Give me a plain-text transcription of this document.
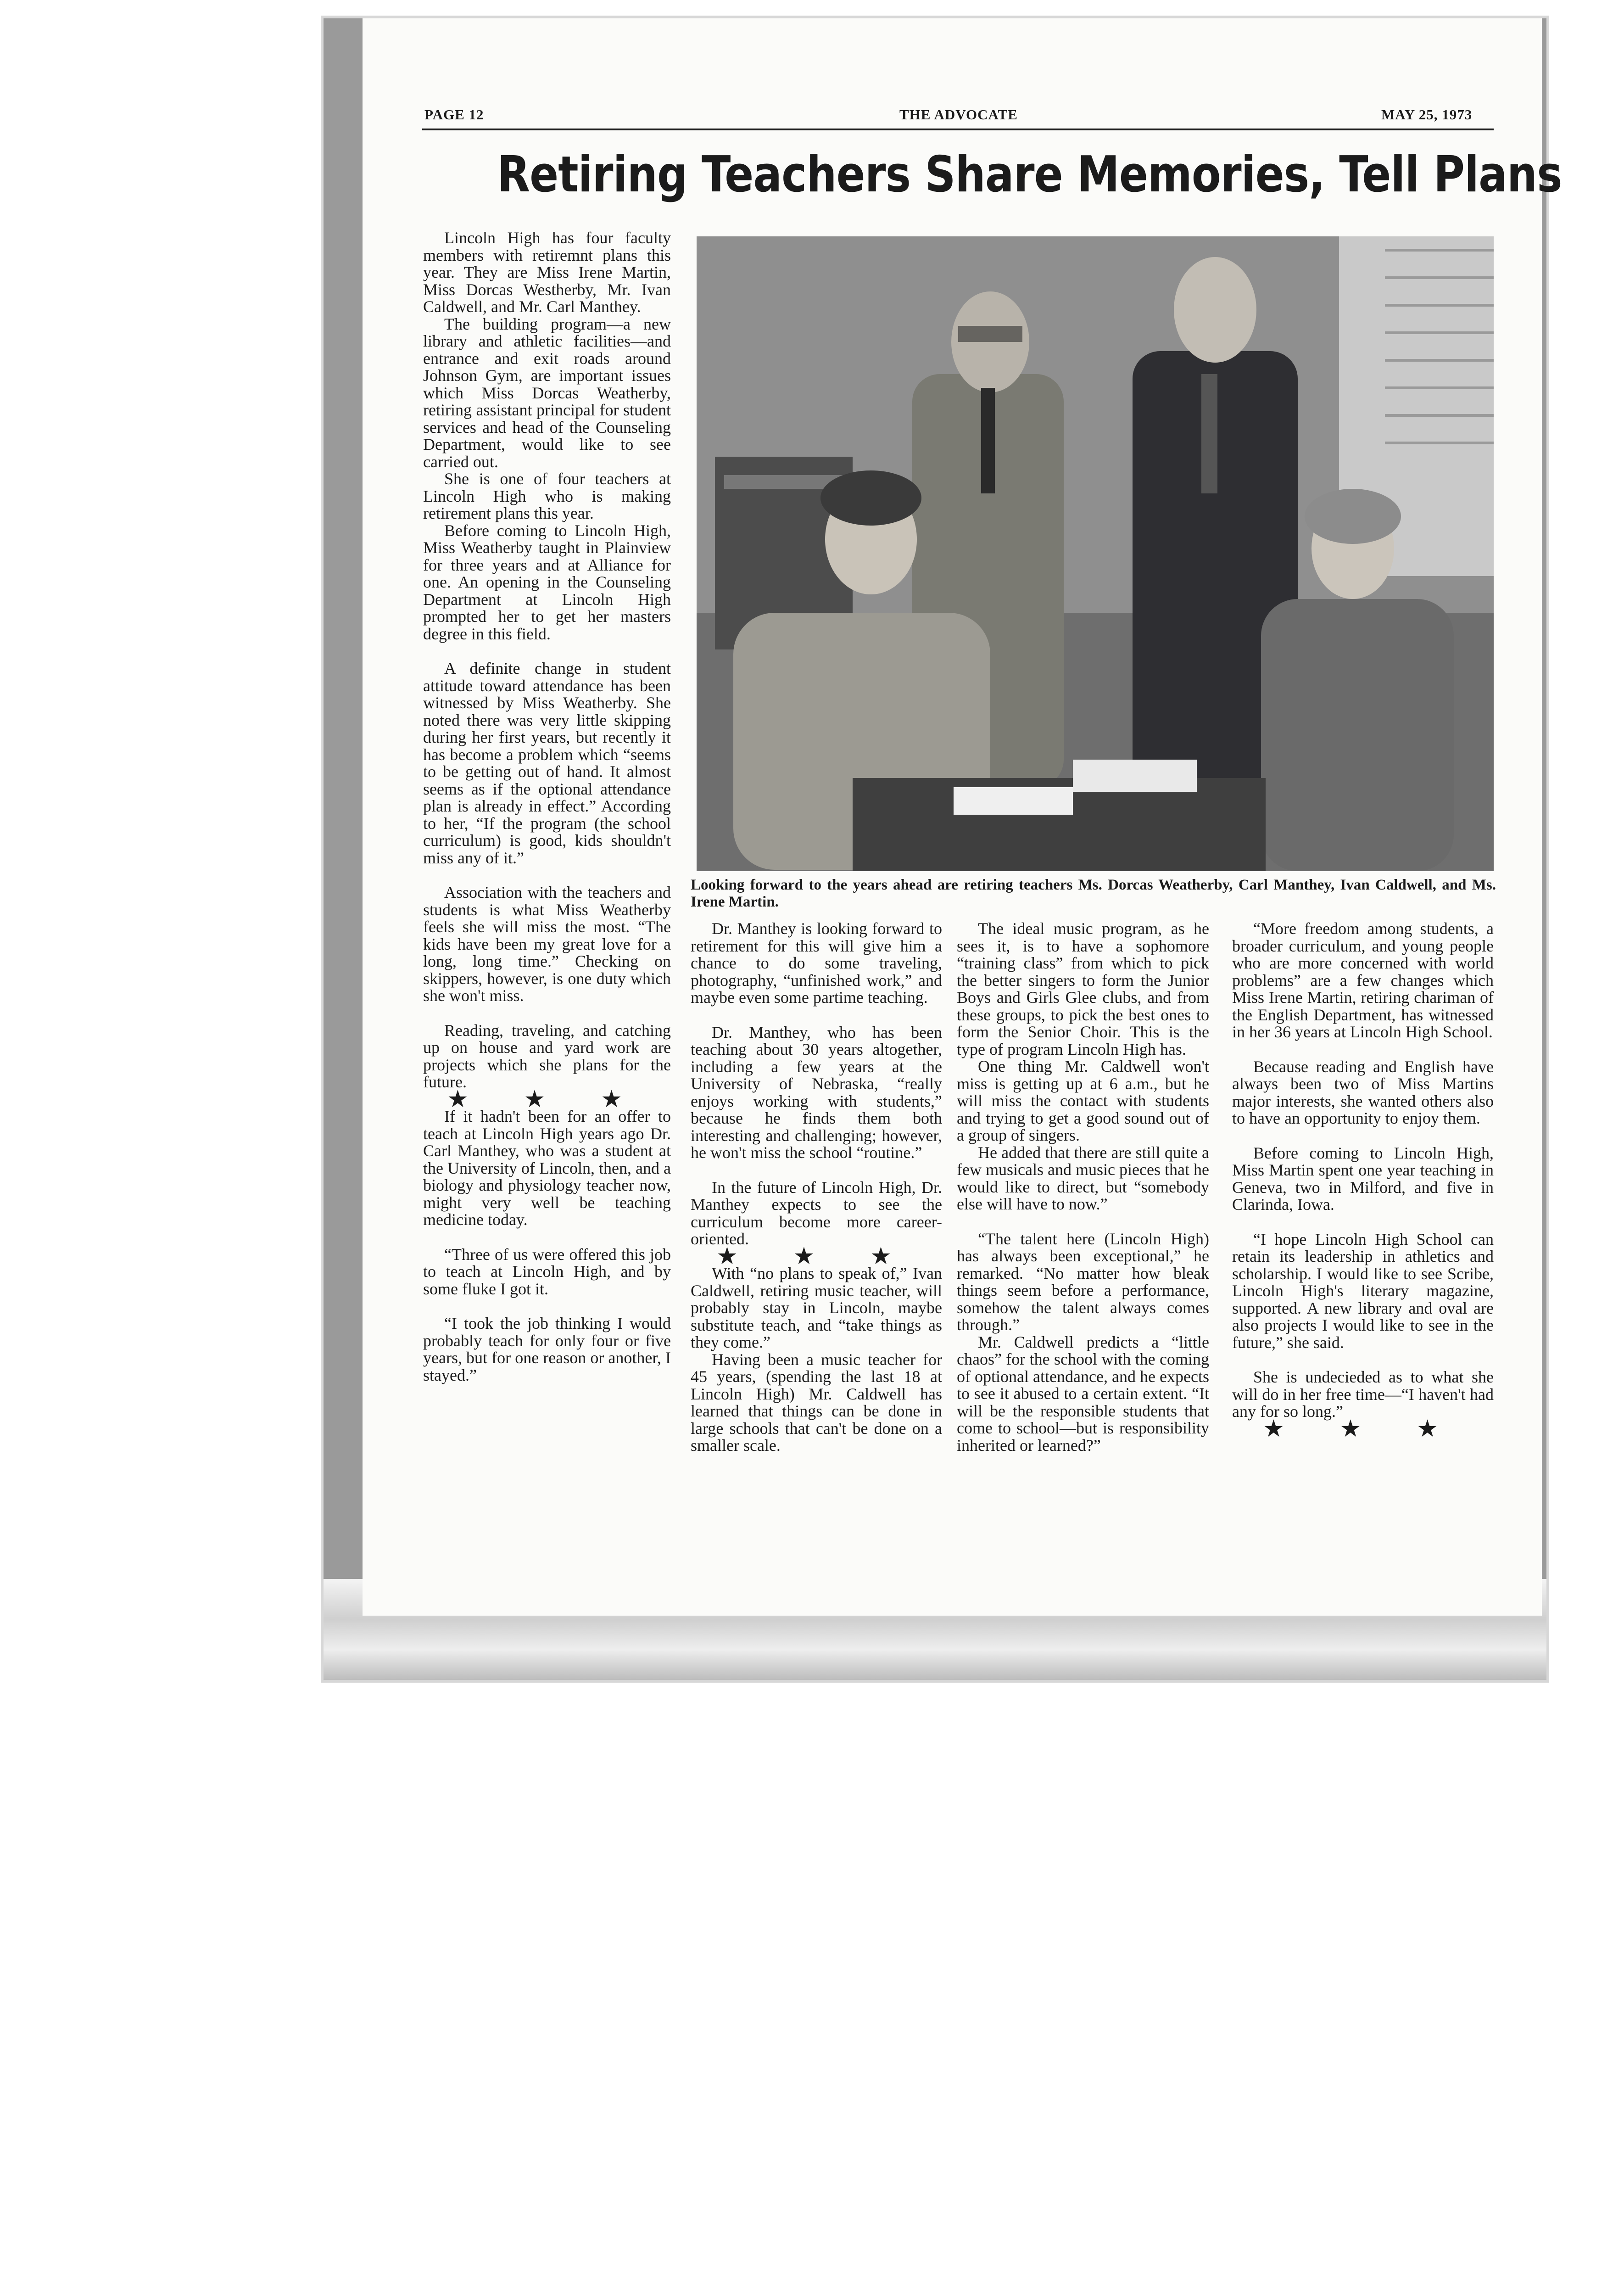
PAGE 12	THE ADVOCATE	MAY 25, 1973
Retiring Teachers Share Memories, Tell Plans
Looking forward to the years ahead are retiring teachers Ms. Dorcas Weatherby, Carl Manthey, Ivan Caldwell, and Ms. Irene Martin.

Lincoln High has four faculty members with retiremnt plans this year. They are Miss Irene Martin, Miss Dorcas Westherby, Mr. Ivan Caldwell, and Mr. Carl Manthey.

The building program—a new library and athletic facilities—and entrance and exit roads around Johnson Gym, are important issues which Miss Dorcas Weatherby, retiring assistant principal for student services and head of the Counseling Department, would like to see carried out.

She is one of four teachers at Lincoln High who is making retirement plans this year.

Before coming to Lincoln High, Miss Weatherby taught in Plainview for three years and at Alliance for one. An opening in the Counseling Department at Lincoln High prompted her to get her masters degree in this field.

A definite change in student attitude toward attendance has been witnessed by Miss Weatherby. She noted there was very little skipping during her first years, but recently it has become a problem which “seems to be getting out of hand. It almost seems as if the optional attendance plan is already in effect.” According to her, “If the program (the school curriculum) is good, kids shouldn't miss any of it.”

Association with the teachers and students is what Miss Weatherby feels she will miss the most. “The kids have been my great love for a long, long time.” Checking on skippers, however, is one duty which she won't miss.

Reading, traveling, and catching up on house and yard work are projects which she plans for the future.

★ ★ ★

If it hadn't been for an offer to teach at Lincoln High years ago Dr. Carl Manthey, who was a student at the University of Lincoln, then, and a biology and physiology teacher now, might very well be teaching medicine today.

“Three of us were offered this job to teach at Lincoln High, and by some fluke I got it.

“I took the job thinking I would probably teach for only four or five years, but for one reason or another, I stayed.”

Dr. Manthey is looking forward to retirement for this will give him a chance to do some traveling, photography, “unfinished work,” and maybe even some partime teaching.

Dr. Manthey, who has been teaching about 30 years altogether, including a few years at the University of Nebraska, “really enjoys working with students,” because he finds them both interesting and challenging; however, he won't miss the school “routine.”

In the future of Lincoln High, Dr. Manthey expects to see the curriculum become more career-oriented.

★ ★ ★

With “no plans to speak of,” Ivan Caldwell, retiring music teacher, will probably stay in Lincoln, maybe substitute teach, and “take things as they come.”

Having been a music teacher for 45 years, (spending the last 18 at Lincoln High) Mr. Caldwell has learned that things can be done in large schools that can't be done on a smaller scale.

The ideal music program, as he sees it, is to have a sophomore “training class” from which to pick the better singers to form the Junior Boys and Girls Glee clubs, and from these groups, to pick the best ones to form the Senior Choir. This is the type of program Lincoln High has.

One thing Mr. Caldwell won't miss is getting up at 6 a.m., but he will miss the contact with students and trying to get a good sound out of a group of singers.

He added that there are still quite a few musicals and music pieces that he would like to direct, but “somebody else will have to now.”

“The talent here (Lincoln High) has always been exceptional,” he remarked. “No matter how bleak things seem before a performance, somehow the talent always comes through.”

Mr. Caldwell predicts a “little chaos” for the school with the coming of optional attendance, and he expects to see it abused to a certain extent. “It will be the responsible students that come to school—but is responsibility inherited or learned?”

“More freedom among students, a broader curriculum, and young people who are more concerned with world problems” are a few changes which Miss Irene Martin, retiring chariman of the English Department, has witnessed in her 36 years at Lincoln High School.

Because reading and English have always been two of Miss Martins major interests, she wanted others also to have an opportunity to enjoy them.

Before coming to Lincoln High, Miss Martin spent one year teaching in Geneva, two in Milford, and five in Clarinda, Iowa.

“I hope Lincoln High School can retain its leadership in athletics and scholarship. I would like to see Scribe, Lincoln High's literary magazine, supported. A new library and oval are also projects I would like to see in the future,” she said.

She is undecieded as to what she will do in her free time—“I haven't had any for so long.”

★ ★ ★
